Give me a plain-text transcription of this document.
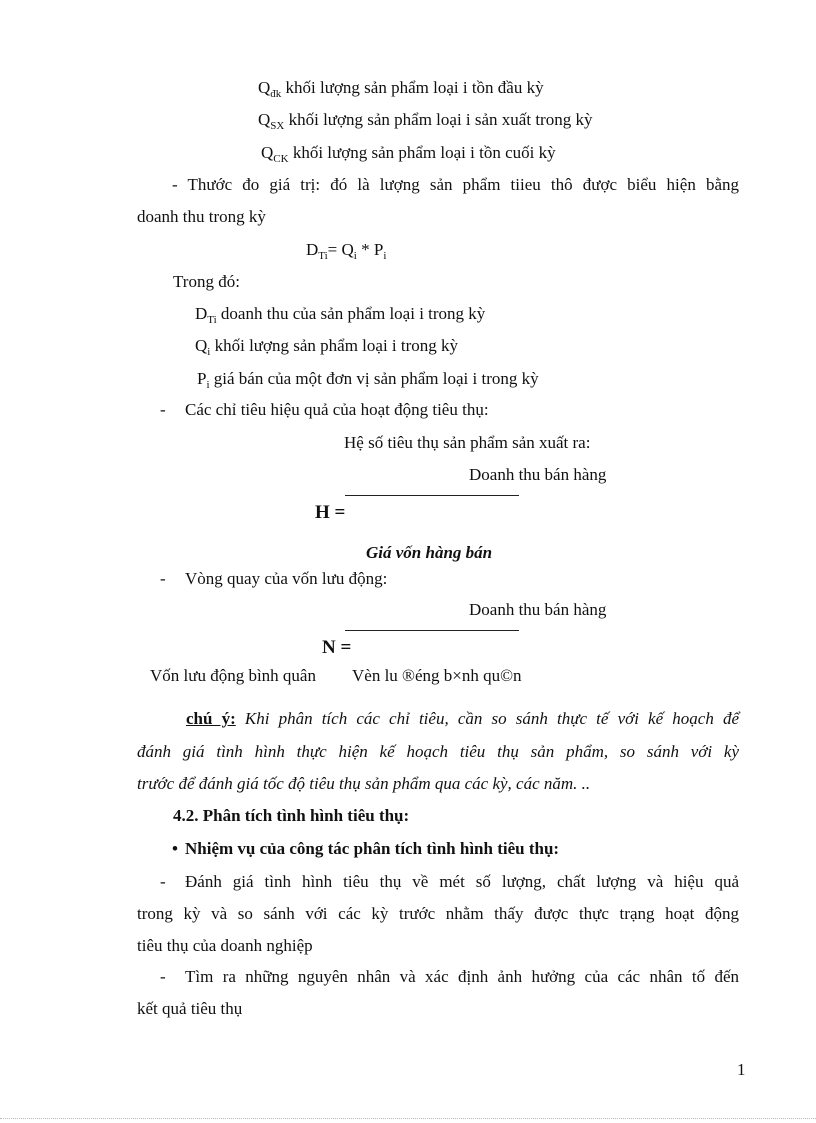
$Q_{đk}$ khối lượng sản phẩm loại i tồn đầu kỳ
$Q_{SX}$ khối lượng sản phẩm loại i sản xuất trong kỳ
$Q_{CK}$ khối lượng sản phẩm loại i tồn cuối kỳ
- Thước đo giá trị: đó là lượng sản phẩm tiieu thô được biểu hiện bằng
doanh thu trong kỳ
$D_{Ti}= Q_i * P_i$
Trong đó:
$D_{Ti}$ doanh thu của sản phẩm loại i trong kỳ
$Q_i$ khối lượng sản phẩm loại i trong kỳ
$P_i$ giá bán của một đơn vị sản phẩm loại i trong kỳ
- Các chỉ tiêu hiệu quả của hoạt động tiêu thụ:
Hệ số tiêu thụ sản phẩm sản xuất ra:
Doanh thu bán hàng
H =
Giá vốn hàng bán
- Vòng quay của vốn lưu động:
Doanh thu bán hàng
N =
Vốn lưu động bình quân Vèn lu ®éng b×nh qu©n
chú ý: Khi phân tích các chỉ tiêu, cần so sánh thực tế với kế hoạch để
đánh giá tình hình thực hiện kế hoạch tiêu thụ sản phẩm, so sánh với kỳ
trước để đánh giá tốc độ tiêu thụ sản phẩm qua các kỳ, các năm. ..
4.2. Phân tích tình hình tiêu thụ:
• Nhiệm vụ của công tác phân tích tình hình tiêu thụ:
- Đánh giá tình hình tiêu thụ về mét số lượng, chất lượng và hiệu quả
trong kỳ và so sánh với các kỳ trước nhằm thấy được thực trạng hoạt động
tiêu thụ của doanh nghiệp
- Tìm ra những nguyên nhân và xác định ảnh hưởng của các nhân tố đến
kết quả tiêu thụ
1
